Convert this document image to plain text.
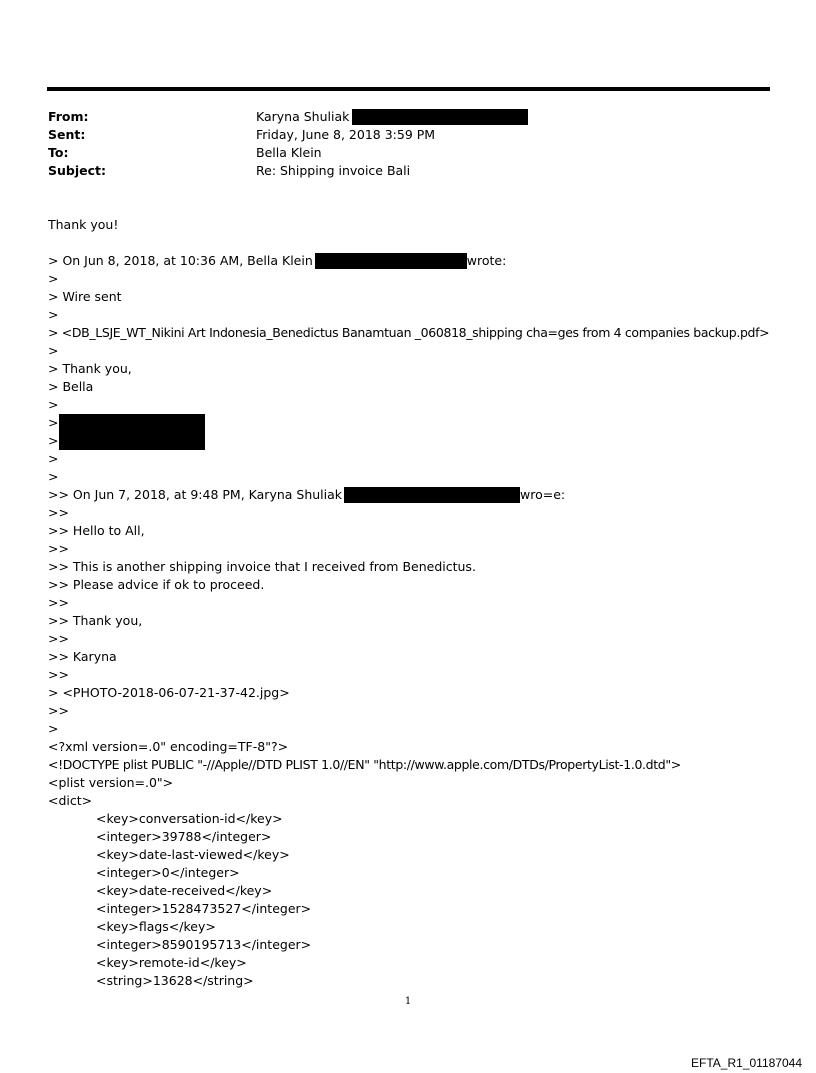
From:	Karyna Shuliak
Sent:	Friday, June 8, 2018 3:59 PM
To:	Bella Klein
Subject:	Re: Shipping invoice Bali
Thank you!
> On Jun 8, 2018, at 10:36 AM, Bella Klein	wrote:
>
> Wire sent
>
> <DB_LSJE_WT_Nikini Art Indonesia_Benedictus Banamtuan _060818_shipping cha=ges from 4 companies backup.pdf>
>
> Thank you,
> Bella
>
>
>
>
>
>> On Jun 7, 2018, at 9:48 PM, Karyna Shuliak	wro=e:
>>
>> Hello to All,
>>
>> This is another shipping invoice that I received from Benedictus.
>> Please advice if ok to proceed.
>>
>> Thank you,
>>
>> Karyna
>>
> <PHOTO-2018-06-07-21-37-42.jpg>
>>
>
<?xml version=.0" encoding=TF-8"?>
<!DOCTYPE plist PUBLIC "-//Apple//DTD PLIST 1.0//EN" "http://www.apple.com/DTDs/PropertyList-1.0.dtd">
<plist version=.0">
<dict>
<key>conversation-id</key>
<integer>39788</integer>
<key>date-last-viewed</key>
<integer>0</integer>
<key>date-received</key>
<integer>1528473527</integer>
<key>flags</key>
<integer>8590195713</integer>
<key>remote-id</key>
<string>13628</string>
1
EFTA_R1_01187044
